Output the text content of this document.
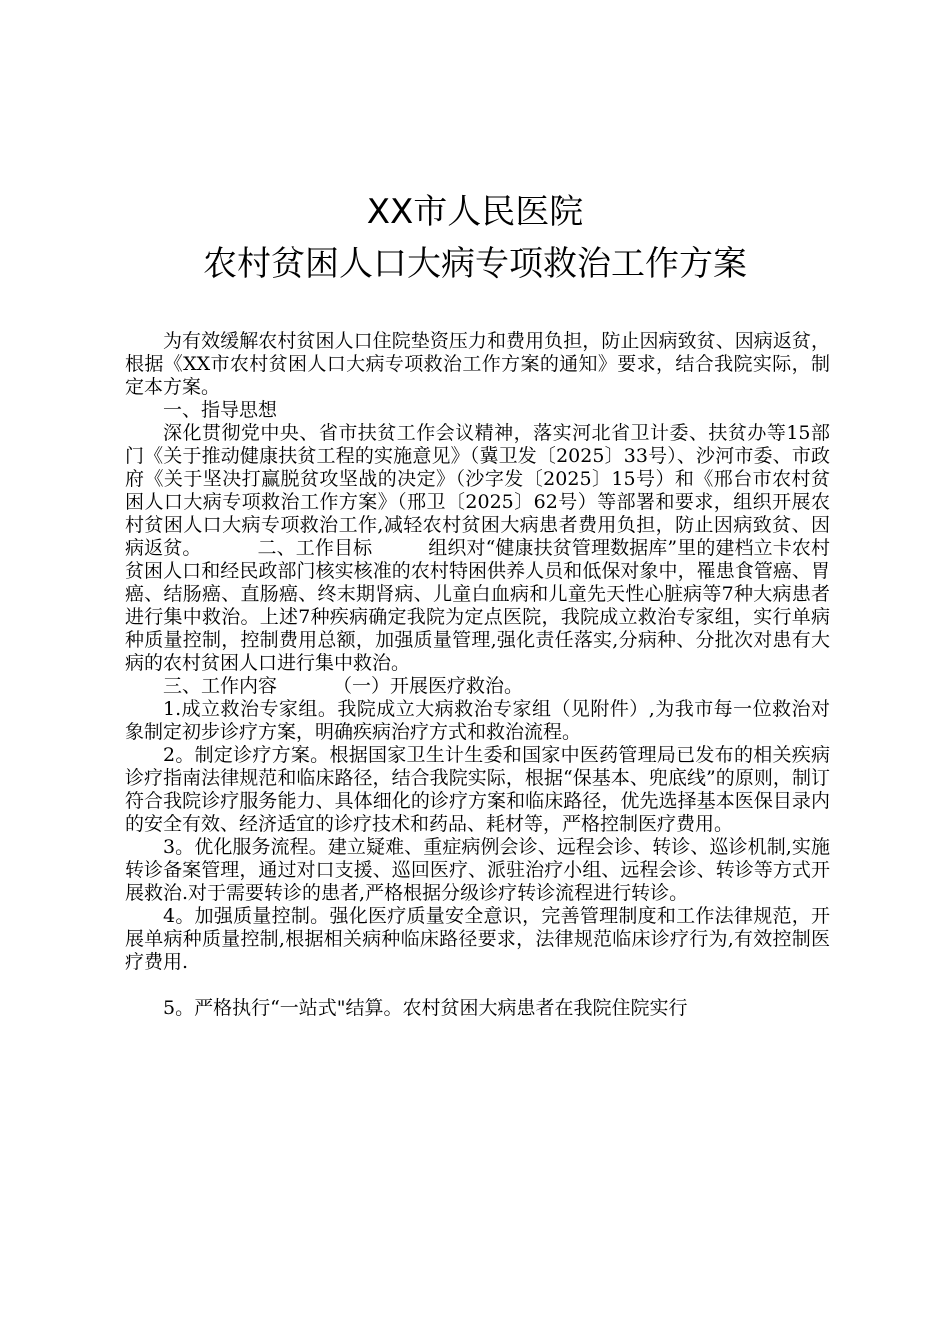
XX市人民医院
农村贫困人口大病专项救治工作方案

为有效缓解农村贫困人口住院垫资压力和费用负担，防止因病致贫、因病返贫，根据《XX市农村贫困人口大病专项救治工作方案的通知》要求，结合我院实际，制定本方案。

一、指导思想

深化贯彻党中央、省市扶贫工作会议精神，落实河北省卫计委、扶贫办等15部门《关于推动健康扶贫工程的实施意见》（冀卫发〔2025〕33号）、沙河市委、市政府《关于坚决打赢脱贫攻坚战的决定》（沙字发〔2025〕15号）和《邢台市农村贫困人口大病专项救治工作方案》（邢卫〔2025〕62号）等部署和要求，组织开展农村贫困人口大病专项救治工作,减轻农村贫困大病患者费用负担，防止因病致贫、因病返贫。	二、工作目标	组织对“健康扶贫管理数据库”里的建档立卡农村贫困人口和经民政部门核实核准的农村特困供养人员和低保对象中，罹患食管癌、胃癌、结肠癌、直肠癌、终末期肾病、儿童白血病和儿童先天性心脏病等7种大病患者进行集中救治。上述7种疾病确定我院为定点医院，我院成立救治专家组，实行单病种质量控制，控制费用总额，加强质量管理,强化责任落实,分病种、分批次对患有大病的农村贫困人口进行集中救治。

三、工作内容	（一）开展医疗救治。

1.成立救治专家组。我院成立大病救治专家组（见附件）,为我市每一位救治对象制定初步诊疗方案，明确疾病治疗方式和救治流程。

2。制定诊疗方案。根据国家卫生计生委和国家中医药管理局已发布的相关疾病诊疗指南法律规范和临床路径，结合我院实际，根据“保基本、兜底线”的原则，制订符合我院诊疗服务能力、具体细化的诊疗方案和临床路径，优先选择基本医保目录内的安全有效、经济适宜的诊疗技术和药品、耗材等，严格控制医疗费用。

3。优化服务流程。建立疑难、重症病例会诊、远程会诊、转诊、巡诊机制,实施转诊备案管理，通过对口支援、巡回医疗、派驻治疗小组、远程会诊、转诊等方式开展救治.对于需要转诊的患者,严格根据分级诊疗转诊流程进行转诊。

4。加强质量控制。强化医疗质量安全意识，完善管理制度和工作法律规范，开展单病种质量控制,根据相关病种临床路径要求，法律规范临床诊疗行为,有效控制医疗费用.

5。严格执行“一站式"结算。农村贫困大病患者在我院住院实行
